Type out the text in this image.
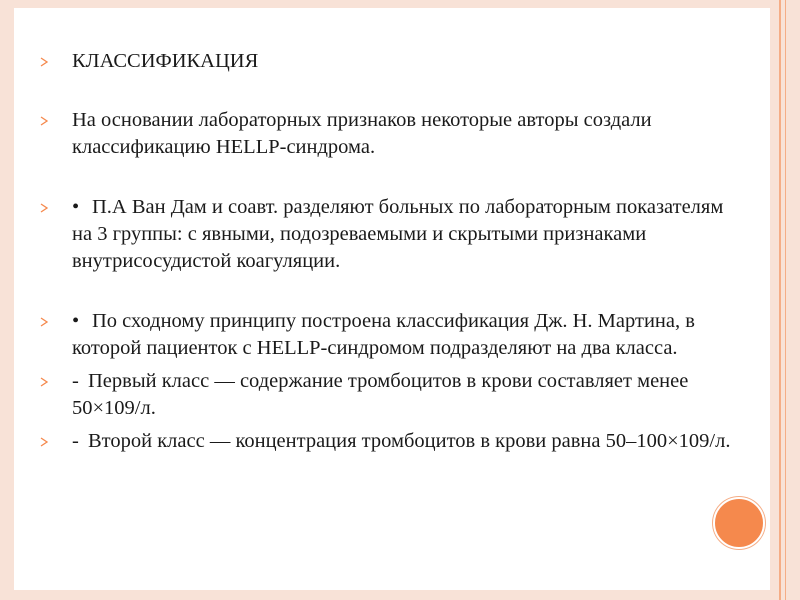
КЛАССИФИКАЦИЯ
На основании лабораторных признаков некоторые авторы создали классификацию HELLP-синдрома.
• П.А Ван Дам и соавт. разделяют больных по лабораторным показателям на 3 группы: с явными, подозреваемыми и скрытыми признаками внутрисосудистой коагуляции.
• По сходному принципу построена классификация Дж. Н. Мартина, в которой пациенток с HELLP-синдромом подразделяют на два класса.
- Первый класс — содержание тромбоцитов в крови составляет менее 50×109/л.
- Второй класс — концентрация тромбоцитов в крови равна 50–100×109/л.
